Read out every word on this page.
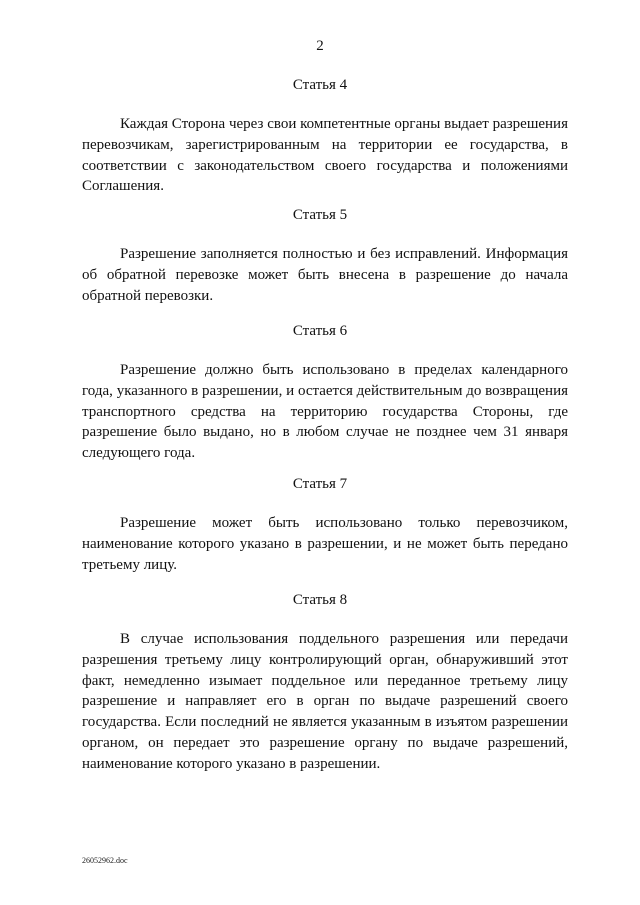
2
Статья 4
Каждая Сторона через свои компетентные органы выдает разрешения перевозчикам, зарегистрированным на территории ее государства, в соответствии с законодательством своего государства и положениями Соглашения.
Статья 5
Разрешение заполняется полностью и без исправлений. Информация об обратной перевозке может быть внесена в разрешение до начала обратной перевозки.
Статья 6
Разрешение должно быть использовано в пределах календарного года, указанного в разрешении, и остается действительным до возвращения транспортного средства на территорию государства Стороны, где разрешение было выдано, но в любом случае не позднее чем 31 января следующего года.
Статья 7
Разрешение может быть использовано только перевозчиком, наименование которого указано в разрешении, и не может быть передано третьему лицу.
Статья 8
В случае использования поддельного разрешения или передачи разрешения третьему лицу контролирующий орган, обнаруживший этот факт, немедленно изымает поддельное или переданное третьему лицу разрешение и направляет его в орган по выдаче разрешений своего государства. Если последний не является указанным в изъятом разрешении органом, он передает это разрешение органу по выдаче разрешений, наименование которого указано в разрешении.
26052962.doc
